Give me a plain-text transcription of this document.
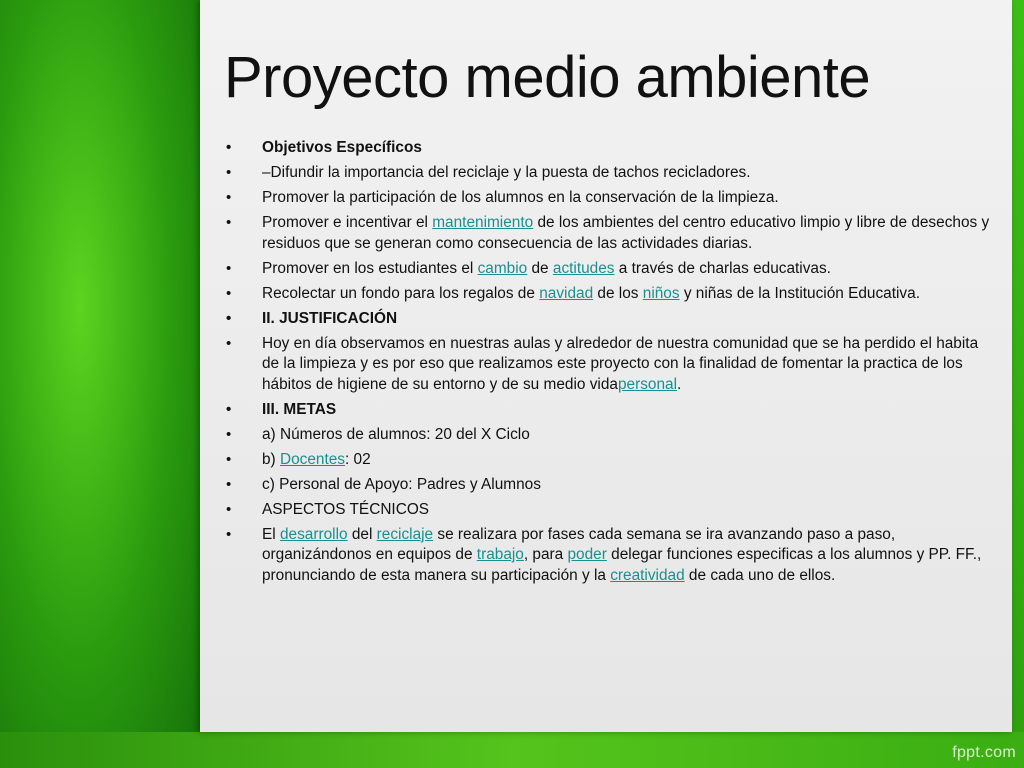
Proyecto medio ambiente
• Objetivos Específicos
• –Difundir la importancia del reciclaje y la puesta de tachos recicladores.
• Promover la participación de los alumnos en la conservación de la limpieza.
• Promover e incentivar el mantenimiento de los ambientes del centro educativo limpio y libre de desechos y residuos que se generan como consecuencia de las actividades diarias.
• Promover en los estudiantes el cambio de actitudes a través de charlas educativas.
• Recolectar un fondo para los regalos de navidad de los niños y niñas de la Institución Educativa.
• II. JUSTIFICACIÓN
• Hoy en día observamos en nuestras aulas y alrededor de nuestra comunidad que se ha perdido el habita de la limpieza y es por eso que realizamos este proyecto con la finalidad de fomentar la practica de los hábitos de higiene de su entorno y de su medio vidapersonal.
• III. METAS
• a) Números de alumnos: 20 del X Ciclo
• b) Docentes: 02
• c) Personal de Apoyo: Padres y Alumnos
• ASPECTOS TÉCNICOS
• El desarrollo del reciclaje se realizara por fases cada semana se ira avanzando paso a paso, organizándonos en equipos de trabajo, para poder delegar funciones especificas a los alumnos y PP. FF., pronunciando de esta manera su participación y la creatividad de cada uno de ellos.
fppt.com
